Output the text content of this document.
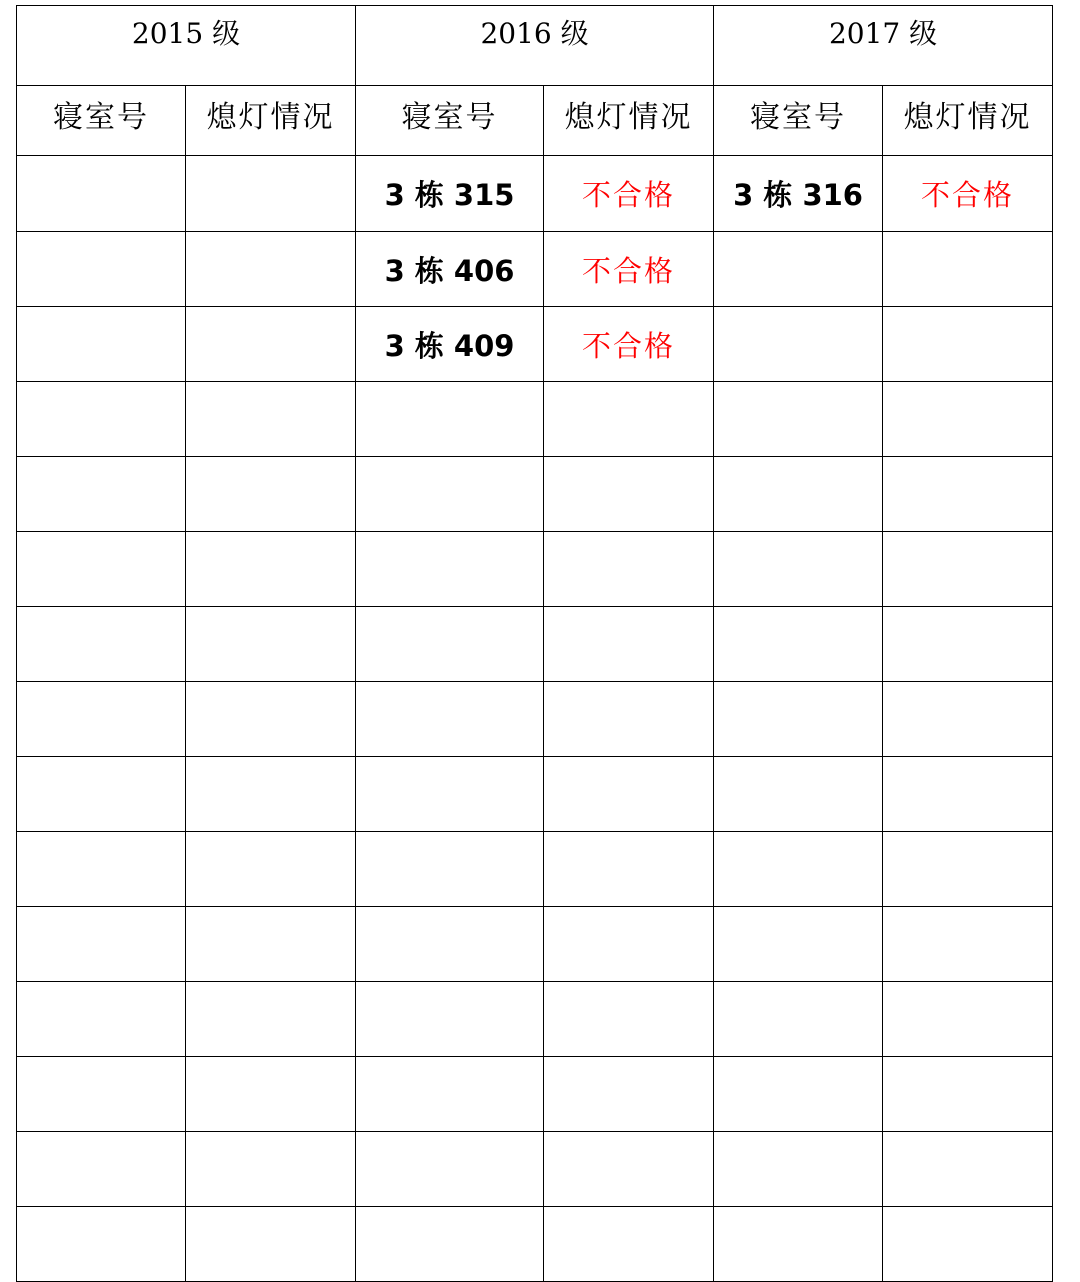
2015 级		2016 级		2017 级	
寝室号	熄灯情况	寝室号	熄灯情况	寝室号	熄灯情况
		3 栋 315	不合格	3 栋 316	不合格
		3 栋 406	不合格		
		3 栋 409	不合格		
